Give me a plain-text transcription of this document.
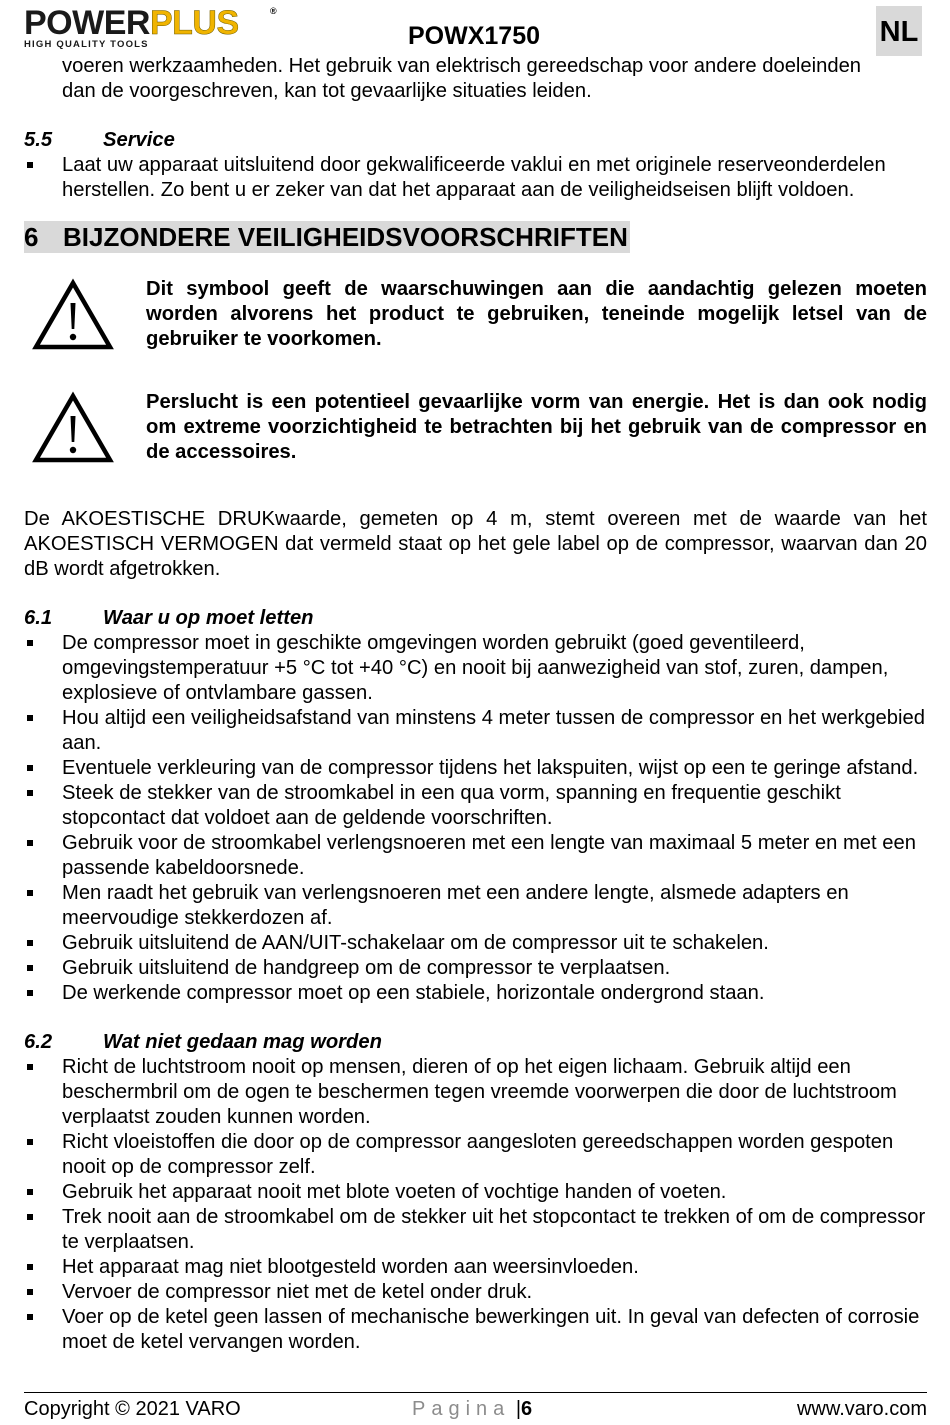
POWERPLUS
HIGH QUALITY TOOLS
®
POWX1750	NL

voeren werkzaamheden. Het gebruik van elektrisch gereedschap voor andere doeleinden

dan de voorgeschreven, kan tot gevaarlijke situaties leiden.

5.5	Service
Laat uw apparaat uitsluitend door gekwalificeerde vaklui en met originele reserveonderdelen herstellen. Zo bent u er zeker van dat het apparaat aan de veiligheidseisen blijft voldoen.
6 BIJZONDERE VEILIGHEIDSVOORSCHRIFTEN

Dit symbool geeft de waarschuwingen aan die aandachtig gelezen moeten worden alvorens het product te gebruiken, teneinde mogelijk letsel van de gebruiker te voorkomen.

Perslucht is een potentieel gevaarlijke vorm van energie. Het is dan ook nodig om extreme voorzichtigheid te betrachten bij het gebruik van de compressor en de accessoires.

De AKOESTISCHE DRUKwaarde, gemeten op 4 m, stemt overeen met de waarde van het AKOESTISCH VERMOGEN dat vermeld staat op het gele label op de compressor, waarvan dan 20 dB wordt afgetrokken.

6.1	Waar u op moet letten
De compressor moet in geschikte omgevingen worden gebruikt (goed geventileerd, omgevingstemperatuur +5 °C tot +40 °C) en nooit bij aanwezigheid van stof, zuren, dampen, explosieve of ontvlambare gassen.
Hou altijd een veiligheidsafstand van minstens 4 meter tussen de compressor en het werkgebied aan.
Eventuele verkleuring van de compressor tijdens het lakspuiten, wijst op een te geringe afstand.
Steek de stekker van de stroomkabel in een qua vorm, spanning en frequentie geschikt stopcontact dat voldoet aan de geldende voorschriften.
Gebruik voor de stroomkabel verlengsnoeren met een lengte van maximaal 5 meter en met een passende kabeldoorsnede.
Men raadt het gebruik van verlengsnoeren met een andere lengte, alsmede adapters en meervoudige stekkerdozen af.
Gebruik uitsluitend de AAN/UIT-schakelaar om de compressor uit te schakelen.
Gebruik uitsluitend de handgreep om de compressor te verplaatsen.
De werkende compressor moet op een stabiele, horizontale ondergrond staan.
6.2	Wat niet gedaan mag worden
Richt de luchtstroom nooit op mensen, dieren of op het eigen lichaam. Gebruik altijd een beschermbril om de ogen te beschermen tegen vreemde voorwerpen die door de luchtstroom verplaatst zouden kunnen worden.
Richt vloeistoffen die door op de compressor aangesloten gereedschappen worden gespoten nooit op de compressor zelf.
Gebruik het apparaat nooit met blote voeten of vochtige handen of voeten.
Trek nooit aan de stroomkabel om de stekker uit het stopcontact te trekken of om de compressor te verplaatsen.
Het apparaat mag niet blootgesteld worden aan weersinvloeden.
Vervoer de compressor niet met de ketel onder druk.
Voer op de ketel geen lassen of mechanische bewerkingen uit. In geval van defecten of corrosie moet de ketel vervangen worden.
Copyright © 2021 VARO	Pagina |6	www.varo.com
